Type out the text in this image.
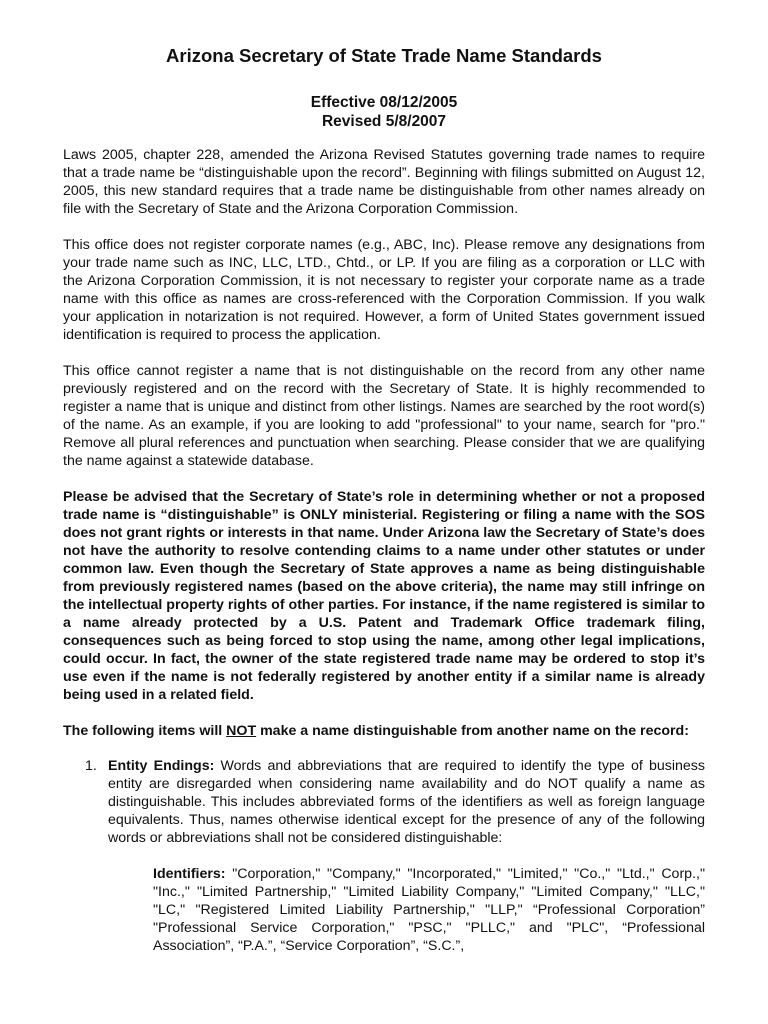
Arizona Secretary of State Trade Name Standards
Effective 08/12/2005
Revised 5/8/2007

Laws 2005, chapter 228, amended the Arizona Revised Statutes governing trade names to require that a trade name be “distinguishable upon the record”. Beginning with filings submitted on August 12, 2005, this new standard requires that a trade name be distinguishable from other names already on file with the Secretary of State and the Arizona Corporation Commission.

This office does not register corporate names (e.g., ABC, Inc). Please remove any designations from your trade name such as INC, LLC, LTD., Chtd., or LP. If you are filing as a corporation or LLC with the Arizona Corporation Commission, it is not necessary to register your corporate name as a trade name with this office as names are cross-referenced with the Corporation Commission. If you walk your application in notarization is not required. However, a form of United States government issued identification is required to process the application.

This office cannot register a name that is not distinguishable on the record from any other name previously registered and on the record with the Secretary of State. It is highly recommended to register a name that is unique and distinct from other listings. Names are searched by the root word(s) of the name. As an example, if you are looking to add "professional" to your name, search for "pro." Remove all plural references and punctuation when searching. Please consider that we are qualifying the name against a statewide database.

Please be advised that the Secretary of State’s role in determining whether or not a proposed trade name is “distinguishable” is ONLY ministerial. Registering or filing a name with the SOS does not grant rights or interests in that name. Under Arizona law the Secretary of State’s does not have the authority to resolve contending claims to a name under other statutes or under common law. Even though the Secretary of State approves a name as being distinguishable from previously registered names (based on the above criteria), the name may still infringe on the intellectual property rights of other parties. For instance, if the name registered is similar to a name already protected by a U.S. Patent and Trademark Office trademark filing, consequences such as being forced to stop using the name, among other legal implications, could occur. In fact, the owner of the state registered trade name may be ordered to stop it’s use even if the name is not federally registered by another entity if a similar name is already being used in a related field.

The following items will NOT make a name distinguishable from another name on the record:

1. Entity Endings: Words and abbreviations that are required to identify the type of business entity are disregarded when considering name availability and do NOT qualify a name as distinguishable. This includes abbreviated forms of the identifiers as well as foreign language equivalents. Thus, names otherwise identical except for the presence of any of the following words or abbreviations shall not be considered distinguishable:

Identifiers: "Corporation," "Company," "Incorporated," "Limited," "Co.," "Ltd.," Corp.," "Inc.," "Limited Partnership," "Limited Liability Company," "Limited Company," "LLC," "LC," "Registered Limited Liability Partnership," "LLP," “Professional Corporation” "Professional Service Corporation," "PSC," "PLLC," and "PLC", “Professional Association”, “P.A.”, “Service Corporation”, “S.C.”,
